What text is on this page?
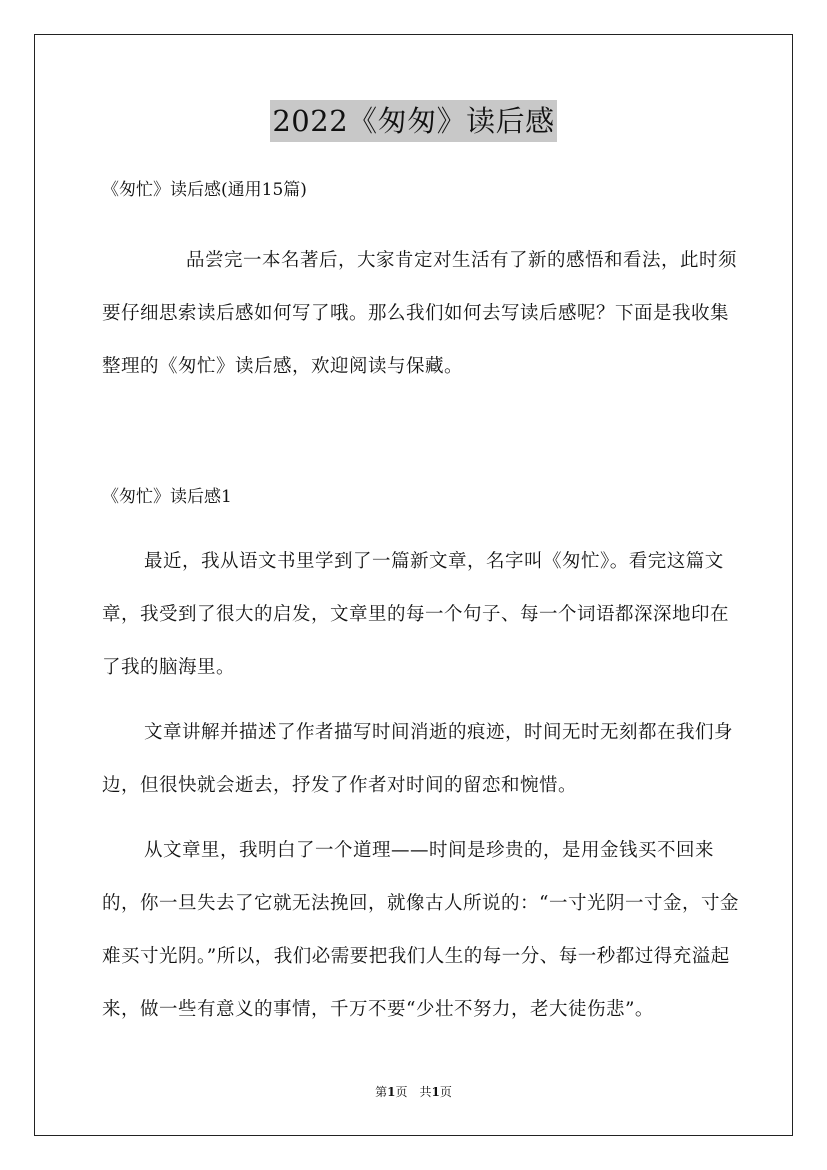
2022《匆匆》读后感

《匆忙》读后感(通用15篇)

品尝完一本名著后，大家肯定对生活有了新的感悟和看法，此时须要仔细思索读后感如何写了哦。那么我们如何去写读后感呢？下面是我收集整理的《匆忙》读后感，欢迎阅读与保藏。

《匆忙》读后感1

最近，我从语文书里学到了一篇新文章，名字叫《匆忙》。看完这篇文章，我受到了很大的启发，文章里的每一个句子、每一个词语都深深地印在了我的脑海里。

文章讲解并描述了作者描写时间消逝的痕迹，时间无时无刻都在我们身边，但很快就会逝去，抒发了作者对时间的留恋和惋惜。

从文章里，我明白了一个道理——时间是珍贵的，是用金钱买不回来的，你一旦失去了它就无法挽回，就像古人所说的：“一寸光阴一寸金，寸金难买寸光阴。”所以，我们必需要把我们人生的每一分、每一秒都过得充溢起来，做一些有意义的事情，千万不要“少壮不努力，老大徒伤悲”。

第1页　共1页
